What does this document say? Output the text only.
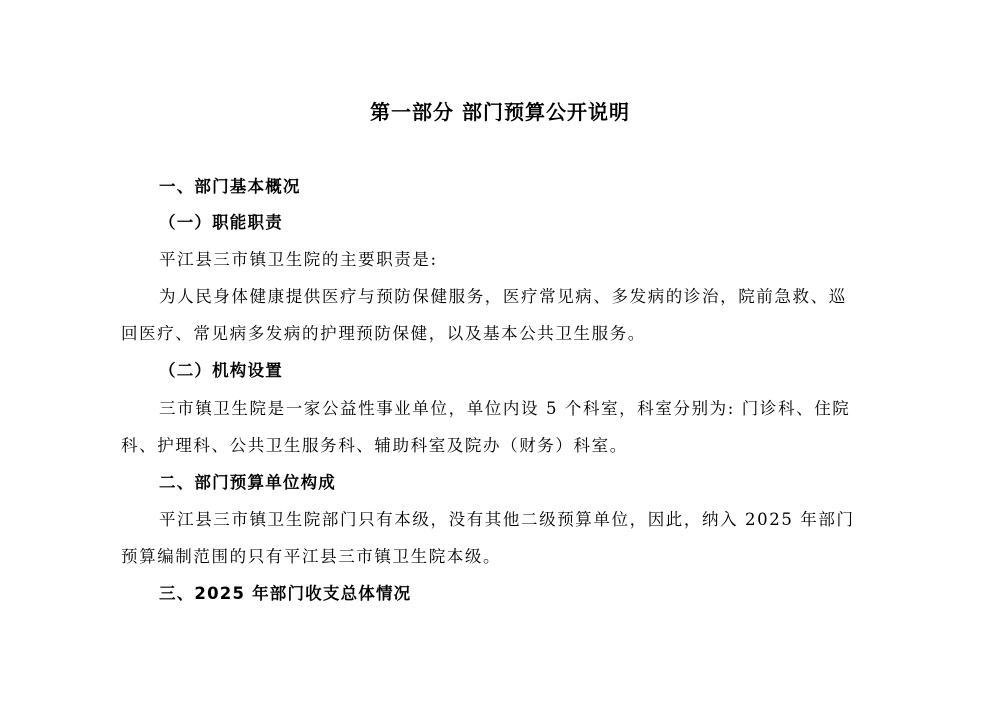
第一部分 部门预算公开说明
一、部门基本概况
（一）职能职责
平江县三市镇卫生院的主要职责是:
为人民身体健康提供医疗与预防保健服务，医疗常见病、多发病的诊治，院前急救、巡
回医疗、常见病多发病的护理预防保健，以及基本公共卫生服务。
（二）机构设置
三市镇卫生院是一家公益性事业单位，单位内设 5 个科室，科室分别为: 门诊科、住院
科、护理科、公共卫生服务科、辅助科室及院办（财务）科室。
二、部门预算单位构成
平江县三市镇卫生院部门只有本级，没有其他二级预算单位，因此，纳入 2025 年部门
预算编制范围的只有平江县三市镇卫生院本级。
三、2025 年部门收支总体情况
